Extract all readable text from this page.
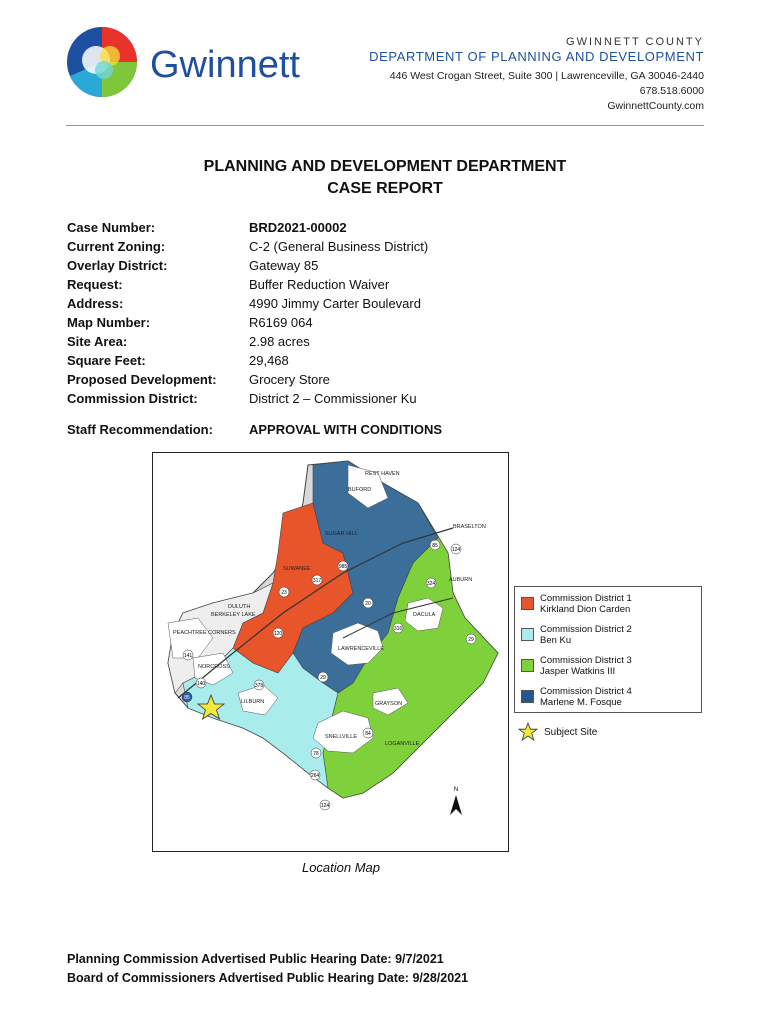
Gwinnett
GWINNETT COUNTY
DEPARTMENT OF PLANNING AND DEVELOPMENT
446 West Crogan Street, Suite 300 | Lawrenceville, GA 30046-2440
678.518.6000
GwinnettCounty.com
PLANNING AND DEVELOPMENT DEPARTMENT
CASE REPORT
Case Number:	BRD2021-00002
Current Zoning:	C-2 (General Business District)
Overlay District:	Gateway 85
Request:	Buffer Reduction Waiver
Address:	4990 Jimmy Carter Boulevard
Map Number:	R6169 064
Site Area:	2.98 acres
Square Feet:	29,468
Proposed Development:	Grocery Store
Commission District:	District 2 – Commissioner Ku
Staff Recommendation:	APPROVAL WITH CONDITIONS
REST HAVEN
BUFORD
SUGAR HILL
BRASELTON
SUWANEE
AUBURN
DULUTH
BERKELEY LAKE
PEACHTREE CORNERS
DACULA
LAWRENCEVILLE
NORCROSS
LILBURN	GRAYSON
SNELLVILLE
LOGANVILLE
85
985
124
324
20
316
120
23
317
141
140	378
29
84
78
264
124
29
85
N
Commission District 1
Kirkland Dion Carden
Commission District 2
Ben Ku
Commission District 3
Jasper Watkins III
Commission District 4
Marlene M. Fosque
Subject Site
Location Map
Planning Commission Advertised Public Hearing Date: 9/7/2021
Board of Commissioners Advertised Public Hearing Date: 9/28/2021
